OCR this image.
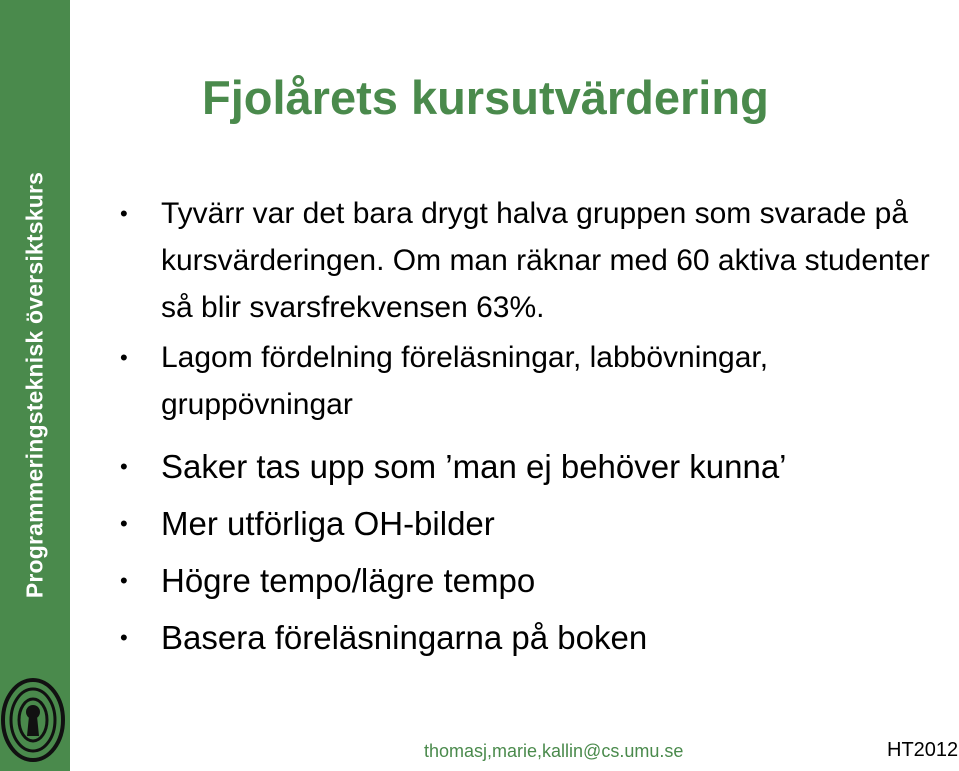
Programmeringsteknisk översiktskurs
Fjolårets kursutvärdering
• Tyvärr var det bara drygt halva gruppen som svarade på kursvärderingen. Om man räknar med 60 aktiva studenter så blir svarsfrekvensen 63%.
• Lagom fördelning föreläsningar, labbövningar, gruppövningar
• Saker tas upp som ’man ej behöver kunna’
• Mer utförliga OH-bilder
• Högre tempo/lägre tempo
• Basera föreläsningarna på boken
thomasj,marie,kallin@cs.umu.se	HT2012
